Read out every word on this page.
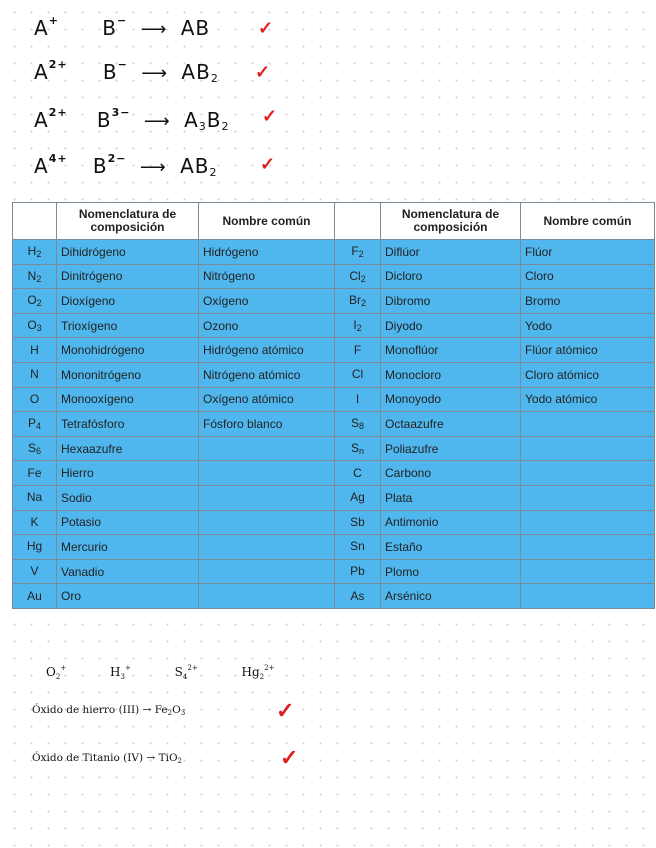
A+ B− ⟶ AB	✓
$A^{2+}$ B− ⟶ $AB_2$ ✓
$A^{2+}$ $B^{3-}$ ⟶ $A_3B_2$
✓
$A^{4+}$ $B^{2-}$ ⟶ $AB_2$ ✓
	Nomenclatura de composición	Nombre común		Nomenclatura de composición	Nombre común
$H_2$	Dihidrógeno	Hidrógeno	$F_2$	Diflúor	Flúor
$N_2$	Dinitrógeno	Nitrógeno	$Cl_2$	Dicloro	Cloro
$O_2$	Dioxígeno	Oxígeno	$Br_2$	Dibromo	Bromo
$O_3$	Trioxígeno	Ozono	$I_2$	Diyodo	Yodo
H	Monohidrógeno	Hidrógeno atómico	F	Monoflúor	Flúor atómico
N	Mononitrógeno	Nitrógeno atómico	Cl	Monocloro	Cloro atómico
O	Monooxígeno	Oxígeno atómico	I	Monoyodo	Yodo atómico
$P_4$	Tetrafósforo	Fósforo blanco	$S_8$	Octaazufre	
$S_6$	Hexaazufre		$S_n$	Poliazufre	
Fe	Hierro		C	Carbono	
Na	Sodio		Ag	Plata	
K	Potasio		Sb	Antimonio	
Hg	Mercurio		Sn	Estaño	
V	Vanadio		Pb	Plomo	
Au	Oro		As	Arsénico	
$O_2^+$	$H_3^+$	$S_4^{2+}$	$Hg_2^{2+}$
Óxido de hierro $(III) \to Fe_2O_3$	✓
Óxido de Titanio (IV) → TiO$_2$	✓
